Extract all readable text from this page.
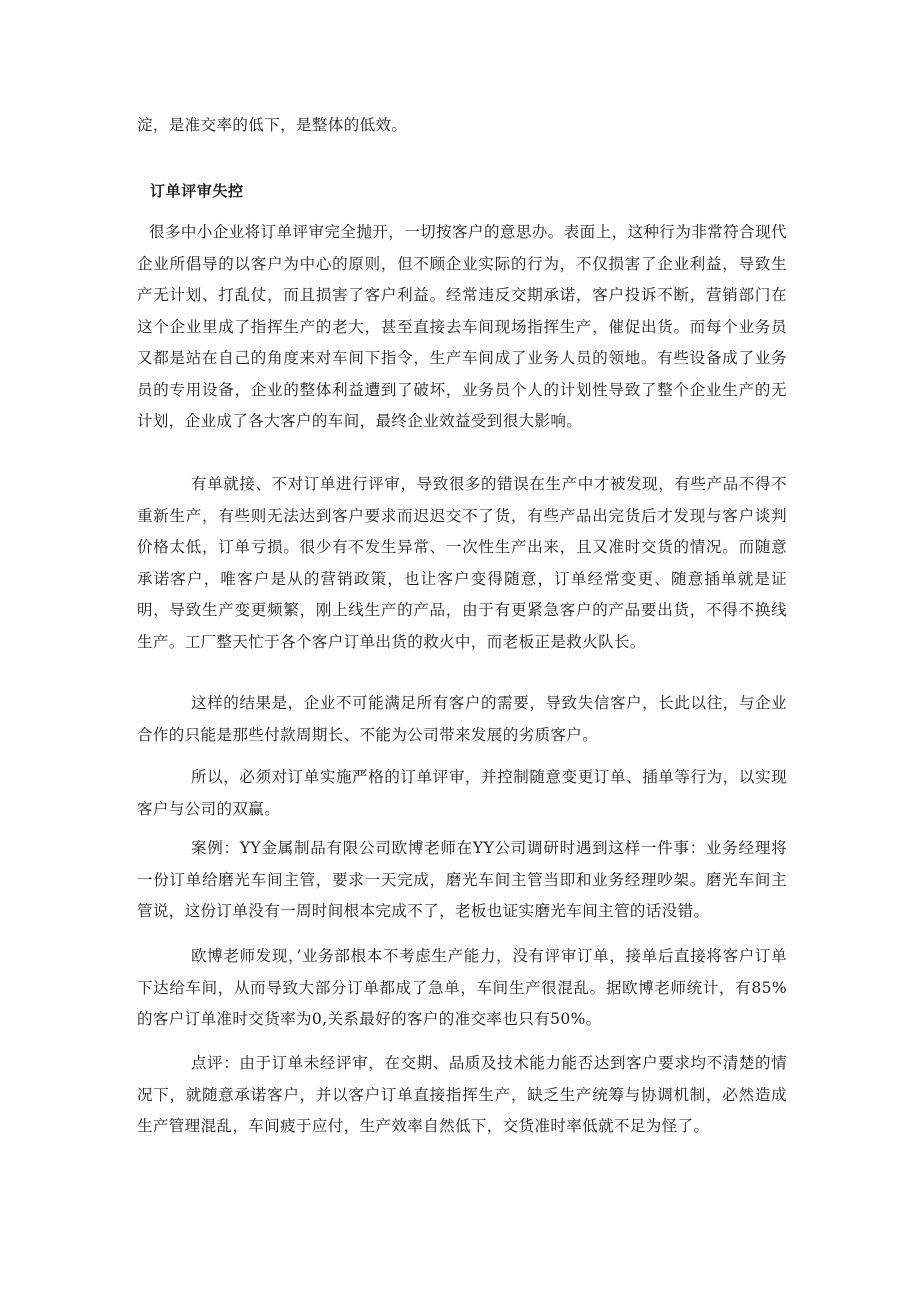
淀，是准交率的低下，是整体的低效。

订单评审失控

很多中小企业将订单评审完全抛开，一切按客户的意思办。表面上，这种行为非常符合现代企业所倡导的以客户为中心的原则，但不顾企业实际的行为，不仅损害了企业利益，导致生产无计划、打乱仗，而且损害了客户利益。经常违反交期承诺，客户投诉不断，营销部门在这个企业里成了指挥生产的老大，甚至直接去车间现场指挥生产，催促出货。而每个业务员又都是站在自己的角度来对车间下指令，生产车间成了业务人员的领地。有些设备成了业务员的专用设备，企业的整体利益遭到了破坏，业务员个人的计划性导致了整个企业生产的无计划，企业成了各大客户的车间，最终企业效益受到很大影响。

有单就接、不对订单进行评审，导致很多的错误在生产中才被发现，有些产品不得不重新生产，有些则无法达到客户要求而迟迟交不了货，有些产品出完货后才发现与客户谈判价格太低，订单亏损。很少有不发生异常、一次性生产出来，且又准时交货的情况。而随意承诺客户，唯客户是从的营销政策，也让客户变得随意，订单经常变更、随意插单就是证明，导致生产变更频繁，刚上线生产的产品，由于有更紧急客户的产品要出货，不得不换线生产。工厂整天忙于各个客户订单出货的救火中，而老板正是救火队长。

这样的结果是，企业不可能满足所有客户的需要，导致失信客户，长此以往，与企业合作的只能是那些付款周期长、不能为公司带来发展的劣质客户。

所以，必须对订单实施严格的订单评审，并控制随意变更订单、插单等行为，以实现客户与公司的双赢。

案例：YY金属制品有限公司欧博老师在YY公司调研时遇到这样一件事：业务经理将一份订单给磨光车间主管，要求一天完成，磨光车间主管当即和业务经理吵架。磨光车间主管说，这份订单没有一周时间根本完成不了，老板也证实磨光车间主管的话没错。

欧博老师发现，’业务部根本不考虑生产能力，没有评审订单，接单后直接将客户订单下达给车间，从而导致大部分订单都成了急单，车间生产很混乱。据欧博老师统计，有85%的客户订单准时交货率为0,关系最好的客户的准交率也只有50%。

点评：由于订单未经评审，在交期、品质及技术能力能否达到客户要求均不清楚的情况下，就随意承诺客户，并以客户订单直接指挥生产，缺乏生产统筹与协调机制，必然造成生产管理混乱，车间疲于应付，生产效率自然低下，交货准时率低就不足为怪了。
